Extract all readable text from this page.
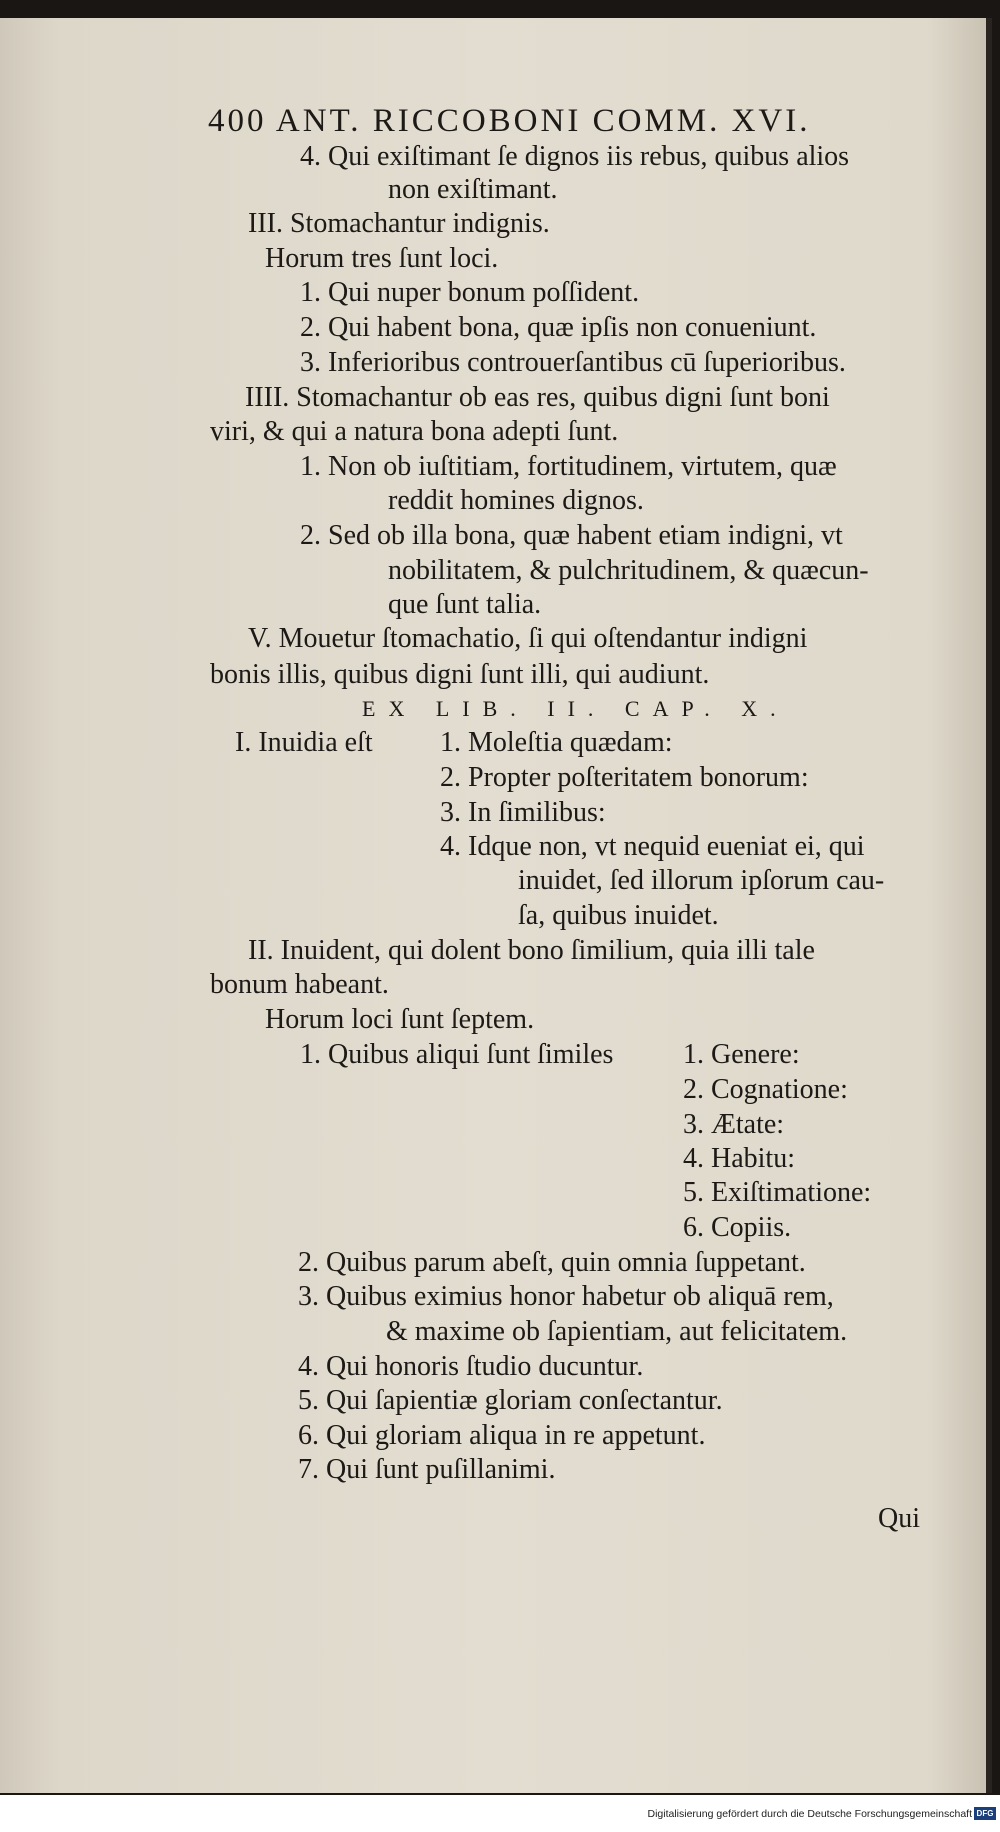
400 ANT. RICCOBONI COMM. XVI.
4. Qui exiſtimant ſe dignos iis rebus, quibus alios
non exiſtimant.
III. Stomachantur indignis.
Horum tres ſunt loci.
1. Qui nuper bonum poſſident.
2. Qui habent bona, quæ ipſis non conueniunt.
3. Inferioribus controuerſantibus cū ſuperioribus.
IIII. Stomachantur ob eas res, quibus digni ſunt boni
viri, & qui a natura bona adepti ſunt.
1. Non ob iuſtitiam, fortitudinem, virtutem, quæ
reddit homines dignos.
2. Sed ob illa bona, quæ habent etiam indigni, vt
nobilitatem, & pulchritudinem, & quæcun-
que ſunt talia.
V. Mouetur ſtomachatio, ſi qui oſtendantur indigni
bonis illis, quibus digni ſunt illi, qui audiunt.
EX LIB. II. CAP. X.
I. Inuidia eſt 1. Moleſtia quædam:
2. Propter poſteritatem bonorum:
3. In ſimilibus:
4. Idque non, vt nequid eueniat ei, qui
inuidet, ſed illorum ipſorum cau-
ſa, quibus inuidet.
II. Inuident, qui dolent bono ſimilium, quia illi tale
bonum habeant.
Horum loci ſunt ſeptem.
1. Quibus aliqui ſunt ſimiles 1. Genere:
2. Cognatione:
3. Ætate:
4. Habitu:
5. Exiſtimatione:
6. Copiis.
2. Quibus parum abeſt, quin omnia ſuppetant.
3. Quibus eximius honor habetur ob aliquā rem,
& maxime ob ſapientiam, aut felicitatem.
4. Qui honoris ſtudio ducuntur.
5. Qui ſapientiæ gloriam conſectantur.
6. Qui gloriam aliqua in re appetunt.
7. Qui ſunt puſillanimi.
Qui
Digitalisierung gefördert durch die Deutsche Forschungsgemeinschaft DFG
